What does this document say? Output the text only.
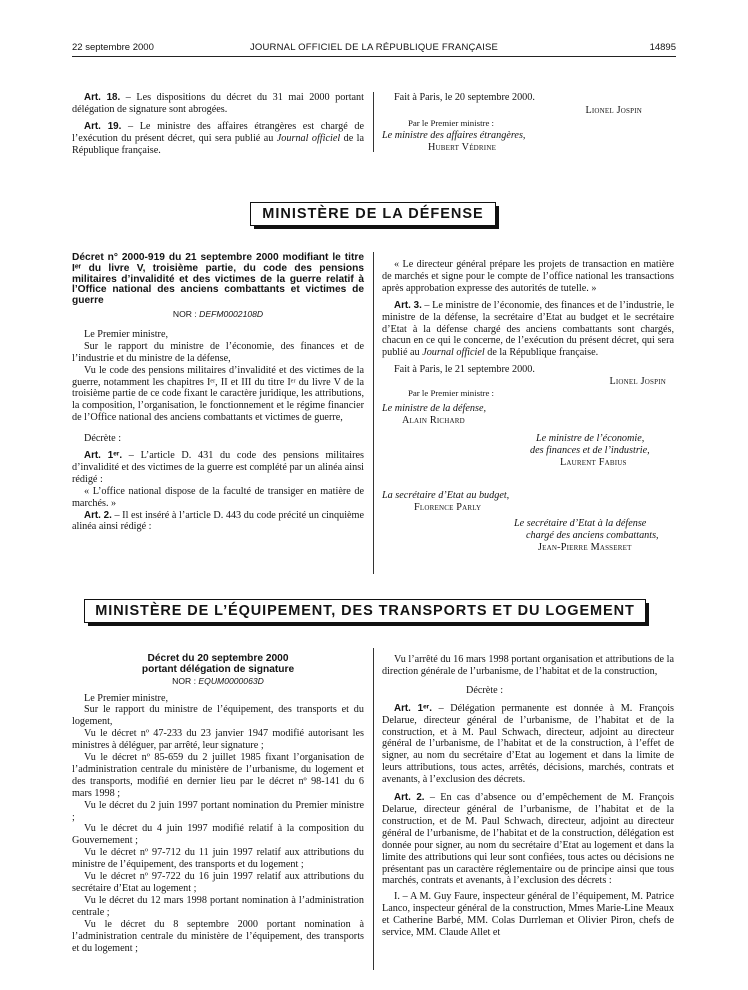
22 septembre 2000	JOURNAL OFFICIEL DE LA RÉPUBLIQUE FRANÇAISE	14895

Art. 18. – Les dispositions du décret du 31 mai 2000 portant délégation de signature sont abrogées.

Art. 19. – Le ministre des affaires étrangères est chargé de l’exécution du présent décret, qui sera publié au Journal officiel de la République française.

Fait à Paris, le 20 septembre 2000.

Lionel Jospin

Par le Premier ministre :

Le ministre des affaires étrangères,

Hubert Védrine

MINISTÈRE DE LA DÉFENSE

Décret n° 2000-919 du 21 septembre 2000 modifiant le titre Iᵉʳ du livre V, troisième partie, du code des pensions militaires d’invalidité et des victimes de la guerre relatif à l’Office national des anciens combattants et victimes de guerre

NOR : DEFM0002108D

Le Premier ministre,

Sur le rapport du ministre de l’économie, des finances et de l’industrie et du ministre de la défense,

Vu le code des pensions militaires d’invalidité et des victimes de la guerre, notamment les chapitres Iᵉʳ, II et III du titre Iᵉʳ du livre V de la troisième partie de ce code fixant le caractère juridique, les attributions, la composition, l’organisation, le fonctionnement et le régime financier de l’Office national des anciens combattants et victimes de guerre,

Décrète :

Art. 1ᵉʳ. – L’article D. 431 du code des pensions militaires d’invalidité et des victimes de la guerre est complété par un alinéa ainsi rédigé :

« L’office national dispose de la faculté de transiger en matière de marchés. »

Art. 2. – Il est inséré à l’article D. 443 du code précité un cinquième alinéa ainsi rédigé :

« Le directeur général prépare les projets de transaction en matière de marchés et signe pour le compte de l’office national les transactions après approbation expresse des autorités de tutelle. »

Art. 3. – Le ministre de l’économie, des finances et de l’industrie, le ministre de la défense, la secrétaire d’Etat au budget et le secrétaire d’Etat à la défense chargé des anciens combattants sont chargés, chacun en ce qui le concerne, de l’exécution du présent décret, qui sera publié au Journal officiel de la République française.

Fait à Paris, le 21 septembre 2000.

Lionel Jospin

Par le Premier ministre :

Le ministre de la défense,

Alain Richard

Le ministre de l’économie,

des finances et de l’industrie,

Laurent Fabius

La secrétaire d’Etat au budget,

Florence Parly

Le secrétaire d’Etat à la défense

chargé des anciens combattants,

Jean-Pierre Masseret

MINISTÈRE DE L’ÉQUIPEMENT, DES TRANSPORTS ET DU LOGEMENT

Décret du 20 septembre 2000

portant délégation de signature

NOR : EQUM0000063D

Le Premier ministre,

Sur le rapport du ministre de l’équipement, des transports et du logement,

Vu le décret nº 47-233 du 23 janvier 1947 modifié autorisant les ministres à déléguer, par arrêté, leur signature ;

Vu le décret nº 85-659 du 2 juillet 1985 fixant l’organisation de l’administration centrale du ministère de l’urbanisme, du logement et des transports, modifié en dernier lieu par le décret nº 98-141 du 6 mars 1998 ;

Vu le décret du 2 juin 1997 portant nomination du Premier ministre ;

Vu le décret du 4 juin 1997 modifié relatif à la composition du Gouvernement ;

Vu le décret nº 97-712 du 11 juin 1997 relatif aux attributions du ministre de l’équipement, des transports et du logement ;

Vu le décret nº 97-722 du 16 juin 1997 relatif aux attributions du secrétaire d’Etat au logement ;

Vu le décret du 12 mars 1998 portant nomination à l’administration centrale ;

Vu le décret du 8 septembre 2000 portant nomination à l’administration centrale du ministère de l’équipement, des transports et du logement ;

Vu l’arrêté du 16 mars 1998 portant organisation et attributions de la direction générale de l’urbanisme, de l’habitat et de la construction,

Décrète :

Art. 1ᵉʳ. – Délégation permanente est donnée à M. François Delarue, directeur général de l’urbanisme, de l’habitat et de la construction, et à M. Paul Schwach, directeur, adjoint au directeur général de l’urbanisme, de l’habitat et de la construction, à l’effet de signer, au nom du secrétaire d’Etat au logement et dans la limite de leurs attributions, tous actes, arrêtés, décisions, marchés, contrats et avenants, à l’exclusion des décrets.

Art. 2. – En cas d’absence ou d’empêchement de M. François Delarue, directeur général de l’urbanisme, de l’habitat et de la construction, et de M. Paul Schwach, directeur, adjoint au directeur général de l’urbanisme, de l’habitat et de la construction, délégation est donnée pour signer, au nom du secrétaire d’Etat au logement et dans la limite des attributions qui leur sont confiées, tous actes ou décisions ne présentant pas un caractère réglementaire ou de principe ainsi que tous marchés, contrats et avenants, à l’exclusion des décrets :

I. – A M. Guy Faure, inspecteur général de l’équipement, M. Patrice Lanco, inspecteur général de la construction, Mmes Marie-Line Meaux et Catherine Barbé, MM. Colas Durrleman et Olivier Piron, chefs de service, MM. Claude Allet et
